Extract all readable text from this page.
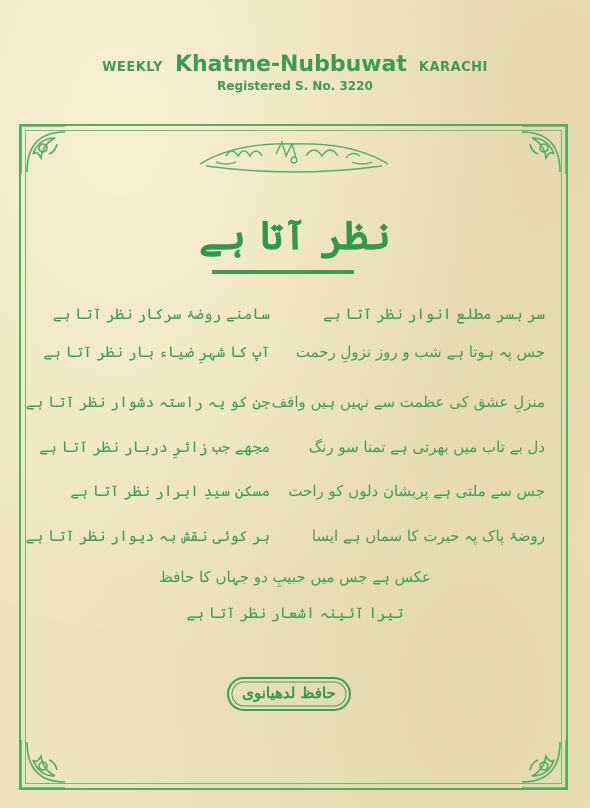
WEEKLY Khatme-Nubbuwat KARACHI
Registered S. No. 3220
نظر آتا ہے
سر بسر مطلع انوار نظر آتا ہے
سامنے روضۂ سرکار نظر آتا ہے
جس پہ ہوتا ہے شب و روز نزولِ رحمت
آپ کا شہرِ ضیاء بار نظر آتا ہے
منزلِ عشق کی عظمت سے نہیں ہیں واقف
جن کو یہ راستہ دشوار نظر آتا ہے
دل بے تاب میں بھرتی ہے تمنا سو رنگ
مجھے جب زائرِ دربار نظر آتا ہے
جس سے ملتی ہے پریشان دلوں کو راحت
مسکن سیدِ ابرار نظر آتا ہے
روضۂ پاک پہ حیرت کا سماں ہے ایسا
ہر کوئی نقش بہ دیوار نظر آتا ہے
عکس ہے جس میں حبیبِ دو جہاں کا حافظ
تیرا آئینہ اشعار نظر آتا ہے
حافظ لدھیانوی
